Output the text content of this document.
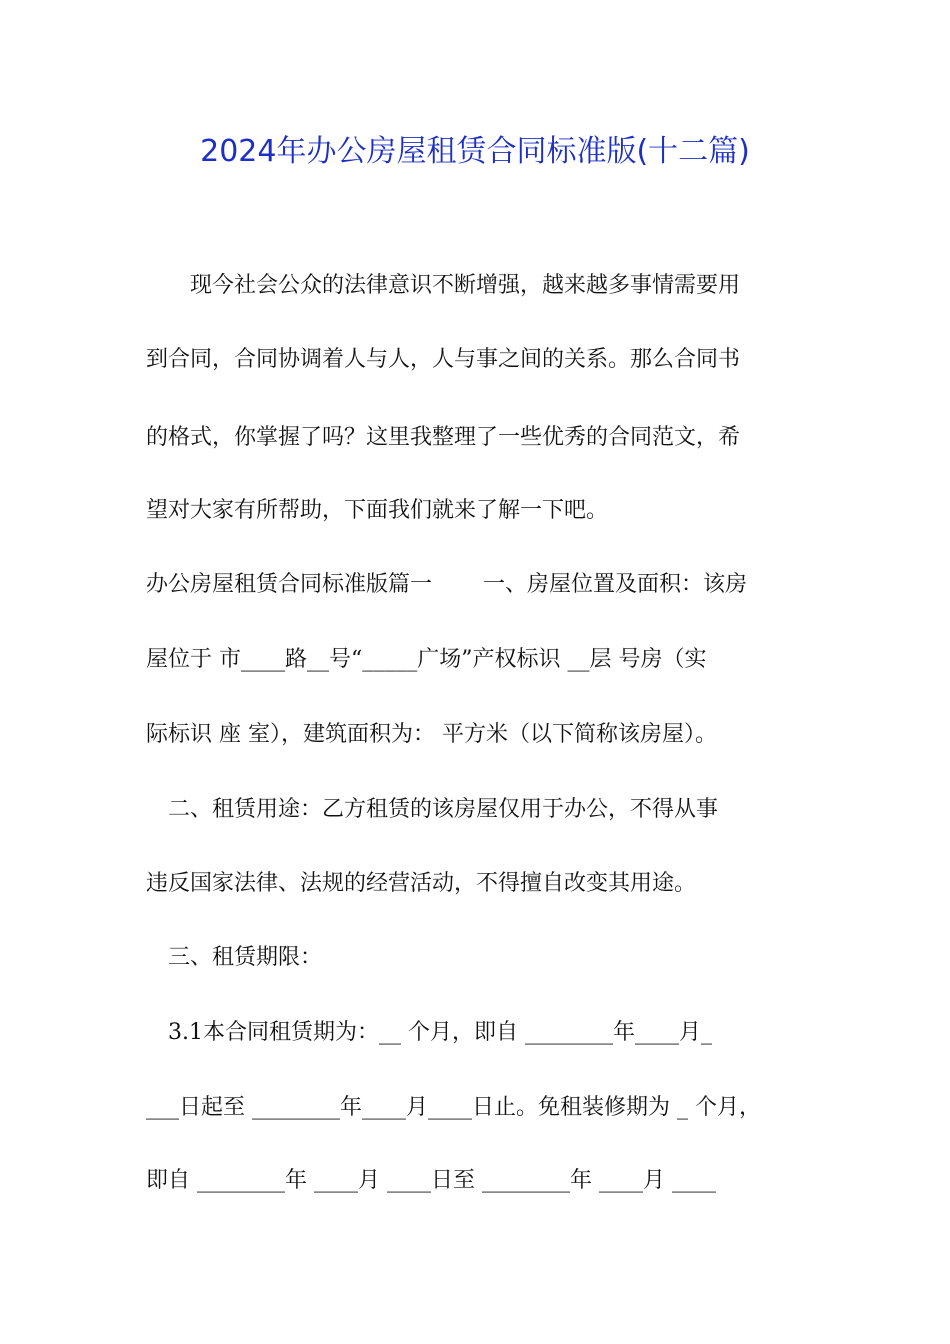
2024年办公房屋租赁合同标准版(十二篇)
　　现今社会公众的法律意识不断增强，越来越多事情需要用
到合同，合同协调着人与人，人与事之间的关系。那么合同书
的格式，你掌握了吗？这里我整理了一些优秀的合同范文，希
望对大家有所帮助，下面我们就来了解一下吧。
办公房屋租赁合同标准版篇一　　 一、房屋位置及面积：该房
屋位于 市____路__号“_____广场”产权标识 __层 号房（实
际标识 座 室），建筑面积为： 平方米（以下简称该房屋）。
　二、租赁用途：乙方租赁的该房屋仅用于办公，不得从事
违反国家法律、法规的经营活动，不得擅自改变其用途。
　三、租赁期限：
　3.1本合同租赁期为：__ 个月，即自 ________年____月_
___日起至 ________年____月____日止。免租装修期为 _ 个月，
即自 ________年 ____月 ____日至 ________年 ____月 ____
